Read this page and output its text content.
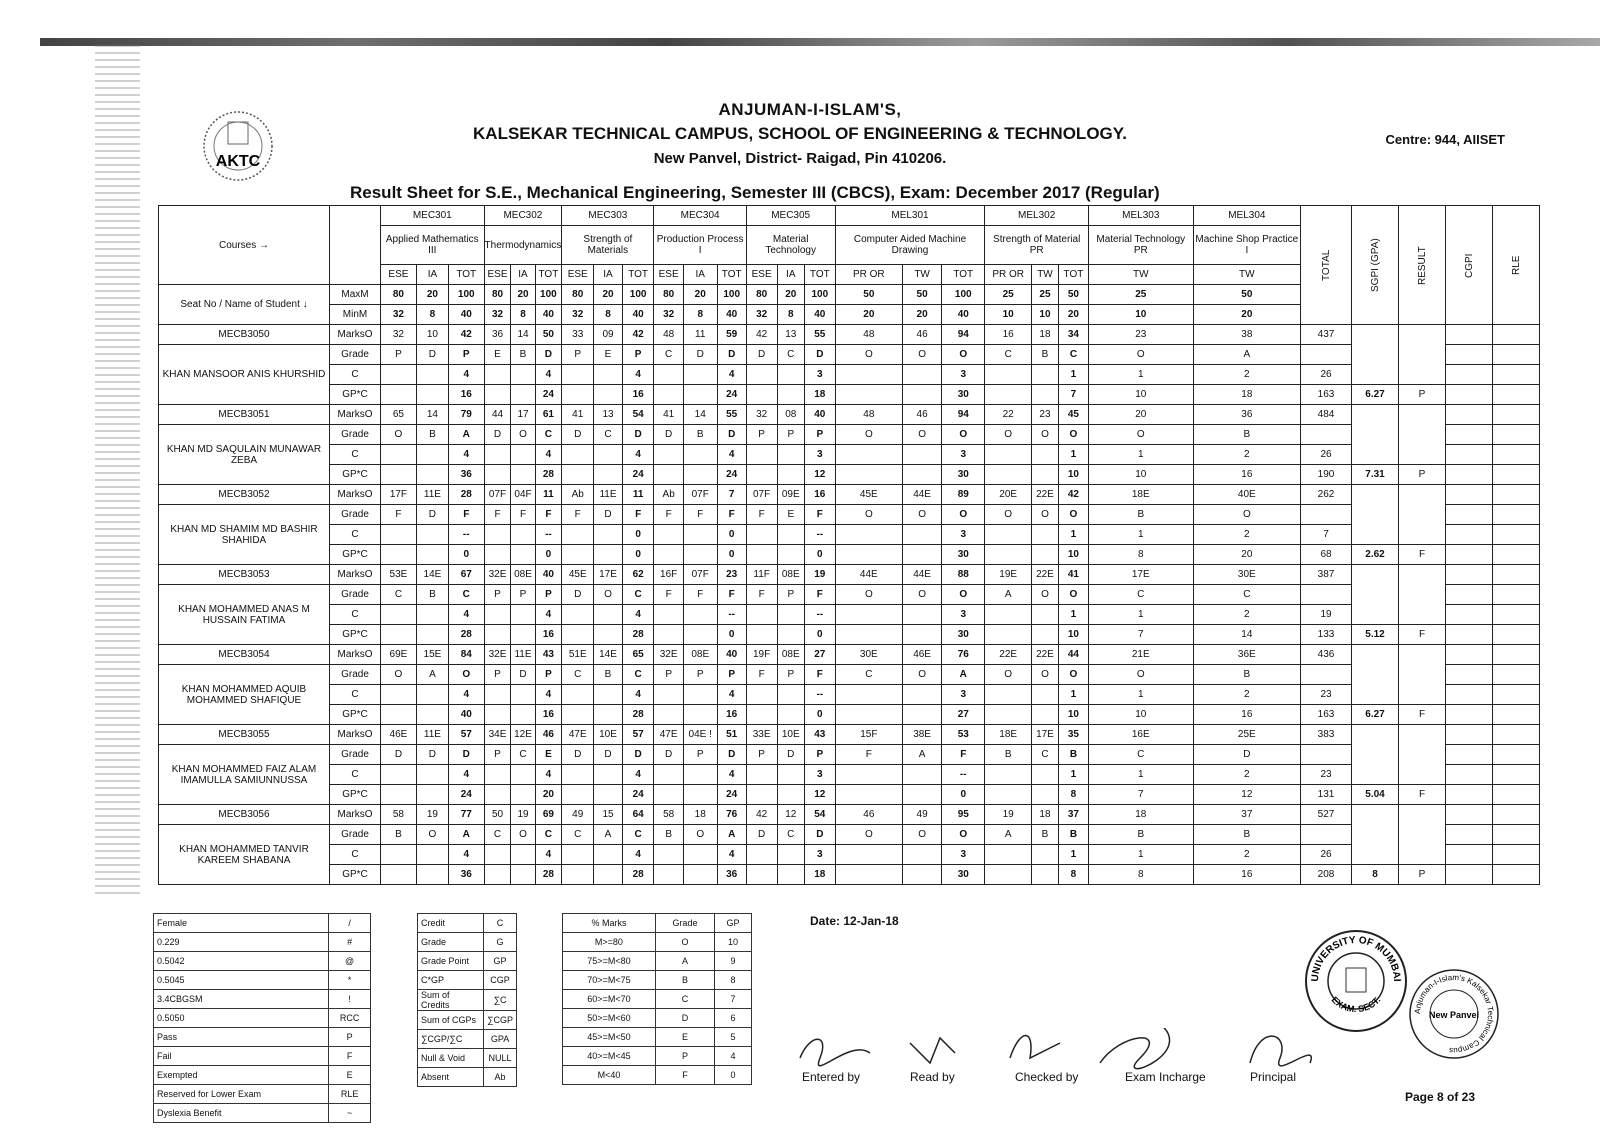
AKTC
ANJUMAN-I-ISLAM'S,
KALSEKAR TECHNICAL CAMPUS, SCHOOL OF ENGINEERING & TECHNOLOGY.
New Panvel, District- Raigad, Pin 410206.
Centre: 944, AIISET
Result Sheet for S.E., Mechanical Engineering, Semester III (CBCS), Exam: December 2017 (Regular)
Courses →		MEC301			MEC302			MEC303			MEC304			MEC305			MEL301			MEL302			MEL303	MEL304	TOTAL	SGPI (GPA)	RESULT	CGPI	RLE
		Applied Mathematics III			Thermodynamics			Strength of Materials			Production Process I			Material Technology			Computer Aided Machine Drawing			Strength of Material PR			Material Technology PR	Machine Shop Practice I					
		ESE	IA	TOT	ESE	IA	TOT	ESE	IA	TOT	ESE	IA	TOT	ESE	IA	TOT	PR OR	TW	TOT	PR OR	TW	TOT	TW	TW					
Seat No / Name of Student ↓	MaxM	80	20	100	80	20	100	80	20	100	80	20	100	80	20	100	50	50	100	25	25	50	25	50				
	MinM	32	8	40	32	8	40	32	8	40	32	8	40	32	8	40	20	20	40	10	10	20	10	20					
MECB3050	MarksO	32	10	42	36	14	50	33	09	42	48	11	59	42	13	55	48	46	94	16	18	34	23	38	437				
KHAN MANSOOR ANIS KHURSHID	Grade	P	D	P	E	B	D	P	E	P	C	D	D	D	C	D	O	O	O	C	B	C	O	A					
	C			4			4			4			4			3			3			1	1	2	26				
	GP*C			16			24			16			24			18			30			7	10	18	163	6.27	P		
MECB3051	MarksO	65	14	79	44	17	61	41	13	54	41	14	55	32	08	40	48	46	94	22	23	45	20	36	484				
KHAN MD SAQULAIN MUNAWAR ZEBA	Grade	O	B	A	D	O	C	D	C	D	D	B	D	P	P	P	O	O	O	O	O	O	O	B					
	C			4			4			4			4			3			3			1	1	2	26				
	GP*C			36			28			24			24			12			30			10	10	16	190	7.31	P		
MECB3052	MarksO	17F	11E	28	07F	04F	11	Ab	11E	11	Ab	07F	7	07F	09E	16	45E	44E	89	20E	22E	42	18E	40E	262				
KHAN MD SHAMIM MD BASHIR SHAHIDA	Grade	F	D	F	F	F	F	F	D	F	F	F	F	F	E	F	O	O	O	O	O	O	B	O					
	C			--			--			0			0			--			3			1	1	2	7				
	GP*C			0			0			0			0			0			30			10	8	20	68	2.62	F		
MECB3053	MarksO	53E	14E	67	32E	08E	40	45E	17E	62	16F	07F	23	11F	08E	19	44E	44E	88	19E	22E	41	17E	30E	387				
KHAN MOHAMMED ANAS M HUSSAIN FATIMA	Grade	C	B	C	P	P	P	D	O	C	F	F	F	F	P	F	O	O	O	A	O	O	C	C					
	C			4			4			4			--			--			3			1	1	2	19				
	GP*C			28			16			28			0			0			30			10	7	14	133	5.12	F		
MECB3054	MarksO	69E	15E	84	32E	11E	43	51E	14E	65	32E	08E	40	19F	08E	27	30E	46E	76	22E	22E	44	21E	36E	436				
KHAN MOHAMMED AQUIB MOHAMMED SHAFIQUE	Grade	O	A	O	P	D	P	C	B	C	P	P	P	F	P	F	C	O	A	O	O	O	O	B					
	C			4			4			4			4			--			3			1	1	2	23				
	GP*C			40			16			28			16			0			27			10	10	16	163	6.27	F		
MECB3055	MarksO	46E	11E	57	34E	12E	46	47E	10E	57	47E	04E !	51	33E	10E	43	15F	38E	53	18E	17E	35	16E	25E	383				
KHAN MOHAMMED FAIZ ALAM IMAMULLA SAMIUNNUSSA	Grade	D	D	D	P	C	E	D	D	D	D	P	D	P	D	P	F	A	F	B	C	B	C	D					
	C			4			4			4			4			3			--			1	1	2	23				
	GP*C			24			20			24			24			12			0			8	7	12	131	5.04	F		
MECB3056	MarksO	58	19	77	50	19	69	49	15	64	58	18	76	42	12	54	46	49	95	19	18	37	18	37	527				
KHAN MOHAMMED TANVIR KAREEM SHABANA	Grade	B	O	A	C	O	C	C	A	C	B	O	A	D	C	D	O	O	O	A	B	B	B	B					
	C			4			4			4			4			3			3			1	1	2	26				
	GP*C			36			28			28			36			18			30			8	8	16	208	8	P		
Female	/
0.229	#
0.5042	@
0.5045	*
3.4CBGSM	!
0.5050	RCC
Pass	P
Fail	F
Exempted	E
Reserved for Lower Exam	RLE
Dyslexia Benefit	~
Credit	C
Grade	G
Grade Point	GP
C*GP	CGP
Sum of Credits	∑C
Sum of CGPs	∑CGP
∑CGP/∑C	GPA
Null & Void	NULL
Absent	Ab
% Marks	Grade	GP
M>=80	O	10
75>=M<80	A	9
70>=M<75	B	8
60>=M<70	C	7
50>=M<60	D	6
45>=M<50	E	5
40>=M<45	P	4
M<40	F	0
Date: 12-Jan-18
Entered by	Read by	Checked by	Exam Incharge	Principal
UNIVERSITY OF MUMBAI
EXAM. SECT.
Anjuman-I-Islam's Kalsekar Technical Campus
New Panvel
Page 8 of 23
